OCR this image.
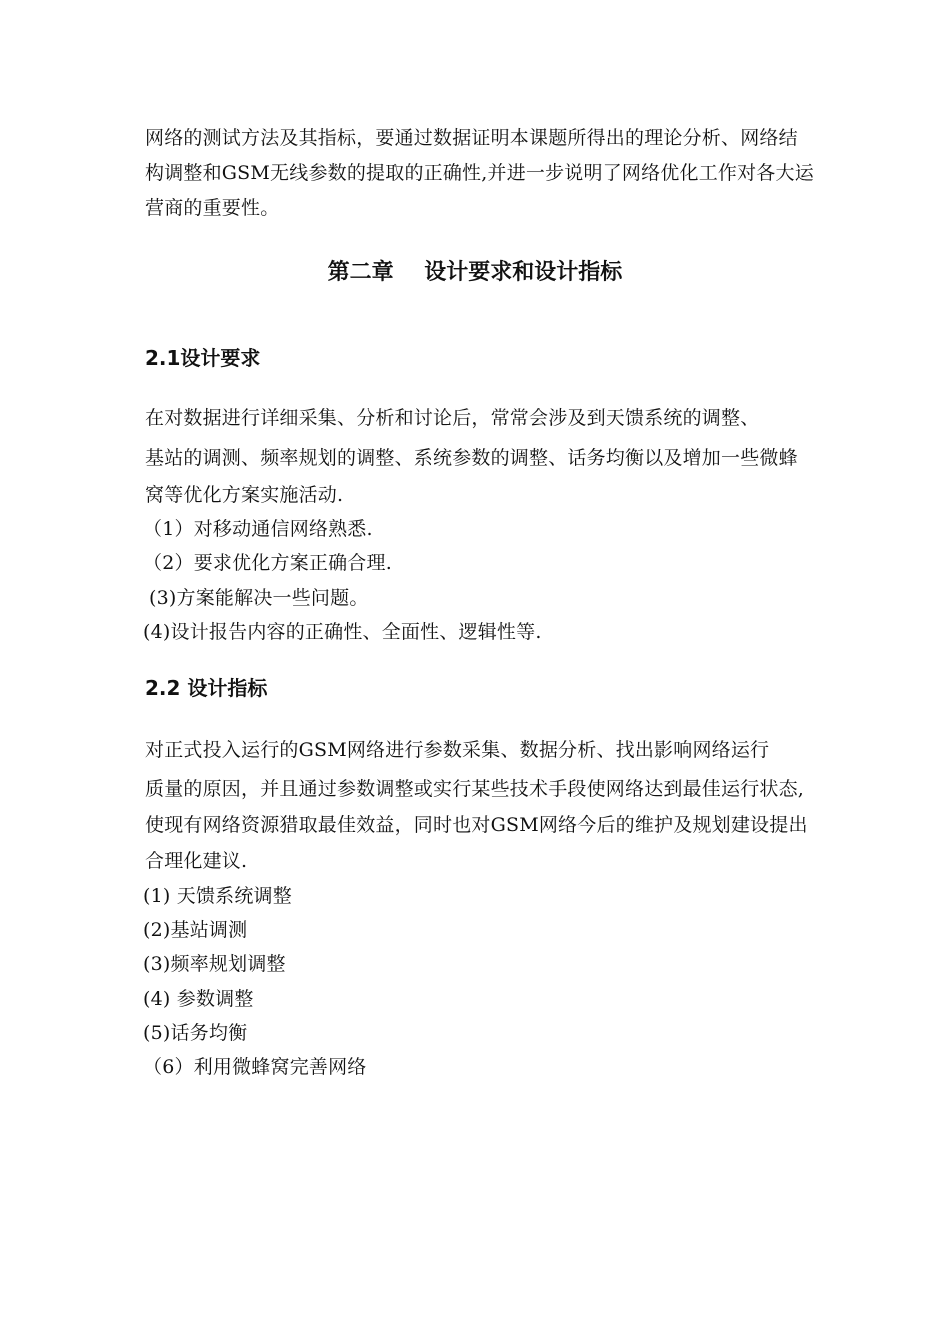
网络的测试方法及其指标，要通过数据证明本课题所得出的理论分析、网络结
构调整和GSM无线参数的提取的正确性,并进一步说明了网络优化工作对各大运
营商的重要性。
第二章    设计要求和设计指标
2.1设计要求
在对数据进行详细采集、分析和讨论后，常常会涉及到天馈系统的调整、
基站的调测、频率规划的调整、系统参数的调整、话务均衡以及增加一些微蜂
窝等优化方案实施活动.
（1）对移动通信网络熟悉.
（2）要求优化方案正确合理.
(3)方案能解决一些问题。
(4)设计报告内容的正确性、全面性、逻辑性等.
2.2 设计指标
对正式投入运行的GSM网络进行参数采集、数据分析、找出影响网络运行
质量的原因，并且通过参数调整或实行某些技术手段使网络达到最佳运行状态,
使现有网络资源猎取最佳效益，同时也对GSM网络今后的维护及规划建设提出
合理化建议.
(1) 天馈系统调整
(2)基站调测
(3)频率规划调整
(4) 参数调整
(5)话务均衡
（6）利用微蜂窝完善网络
